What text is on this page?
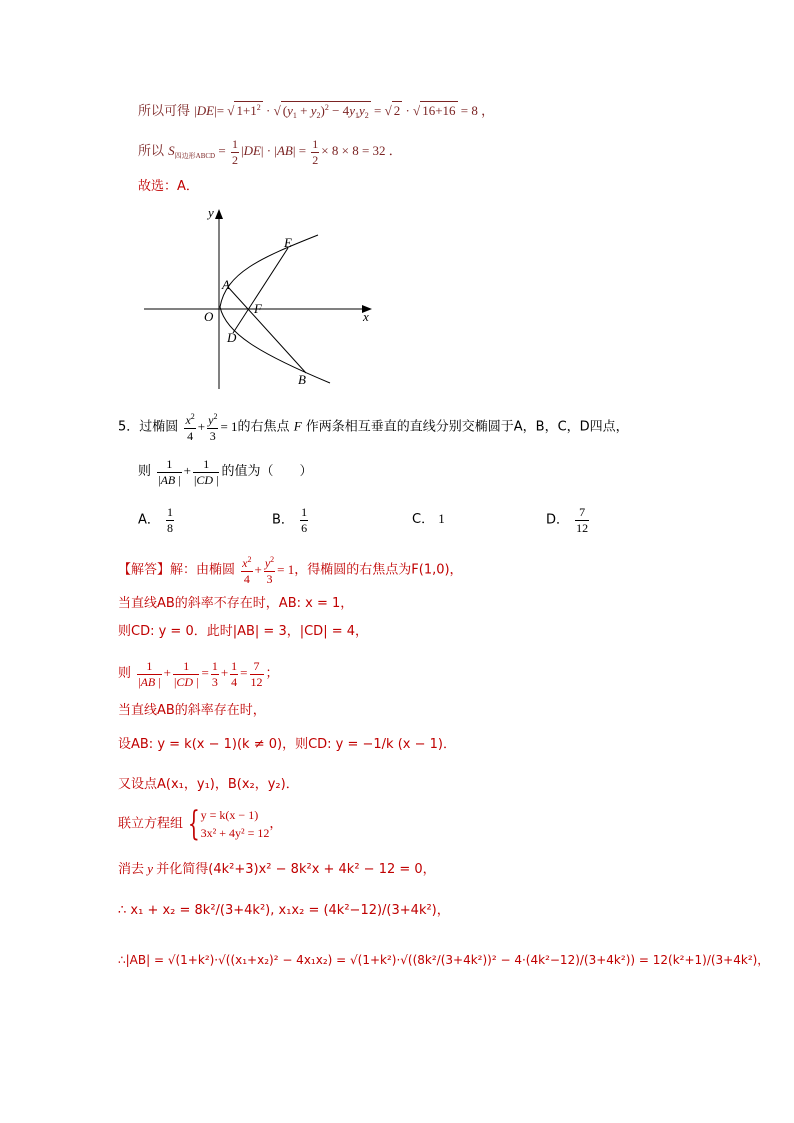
所以可得 |DE|= √ $1+1^2$ · √ $(y_1 + y_2)^2 - 4y_1y_2$ = √ 2 · √ 16+16 = 8 ，
所以 $S_{四边形ABCD} = \frac{1}{2} |DE| \cdot |AB| = \frac{1}{2} \times 8 \times 8 = 32$ ．
故选：A．
y
x
O
A
D
F
E
B
5．过椭圆 $\frac{x^2}{4} + \frac{y^2}{3} = 1$的右焦点 F 作两条相互垂直的直线分别交椭圆于A，B，C，D四点，
则 $\frac{1}{|AB |} + \frac{1}{|CD |}$ 的值为（　　）
A． $\frac{1}{8}$	B． $\frac{1}{6}$	C． 1	D． $\frac{7}{12}$
【解答】解：由椭圆 $\frac{x^2}{4} + \frac{y^2}{3} = 1$，得椭圆的右焦点为F(1,0)，
当直线AB的斜率不存在时，AB: x = 1，
则CD: y = 0．此时|AB| = 3，|CD| = 4，
则 $\frac{1}{|AB |} + \frac{1}{|CD |} = \frac{1}{3} + \frac{1}{4} = \frac{7}{12}$ ；
当直线AB的斜率存在时，
设AB: y = k(x − 1)(k ≠ 0)，则CD: y = −1/k (x − 1)．
又设点A(x₁，y₁)，B(x₂，y₂)．
联立方程组 { y = k(x − 1)
3x² + 4y² = 12
，
消去 y 并化简得(4k²+3)x² − 8k²x + 4k² − 12 = 0，
∴ x₁ + x₂ = 8k²/(3+4k²), x₁x₂ = (4k²−12)/(3+4k²)，
∴|AB| = √(1+k²)·√((x₁+x₂)² − 4x₁x₂) = √(1+k²)·√((8k²/(3+4k²))² − 4·(4k²−12)/(3+4k²)) = 12(k²+1)/(3+4k²)，
